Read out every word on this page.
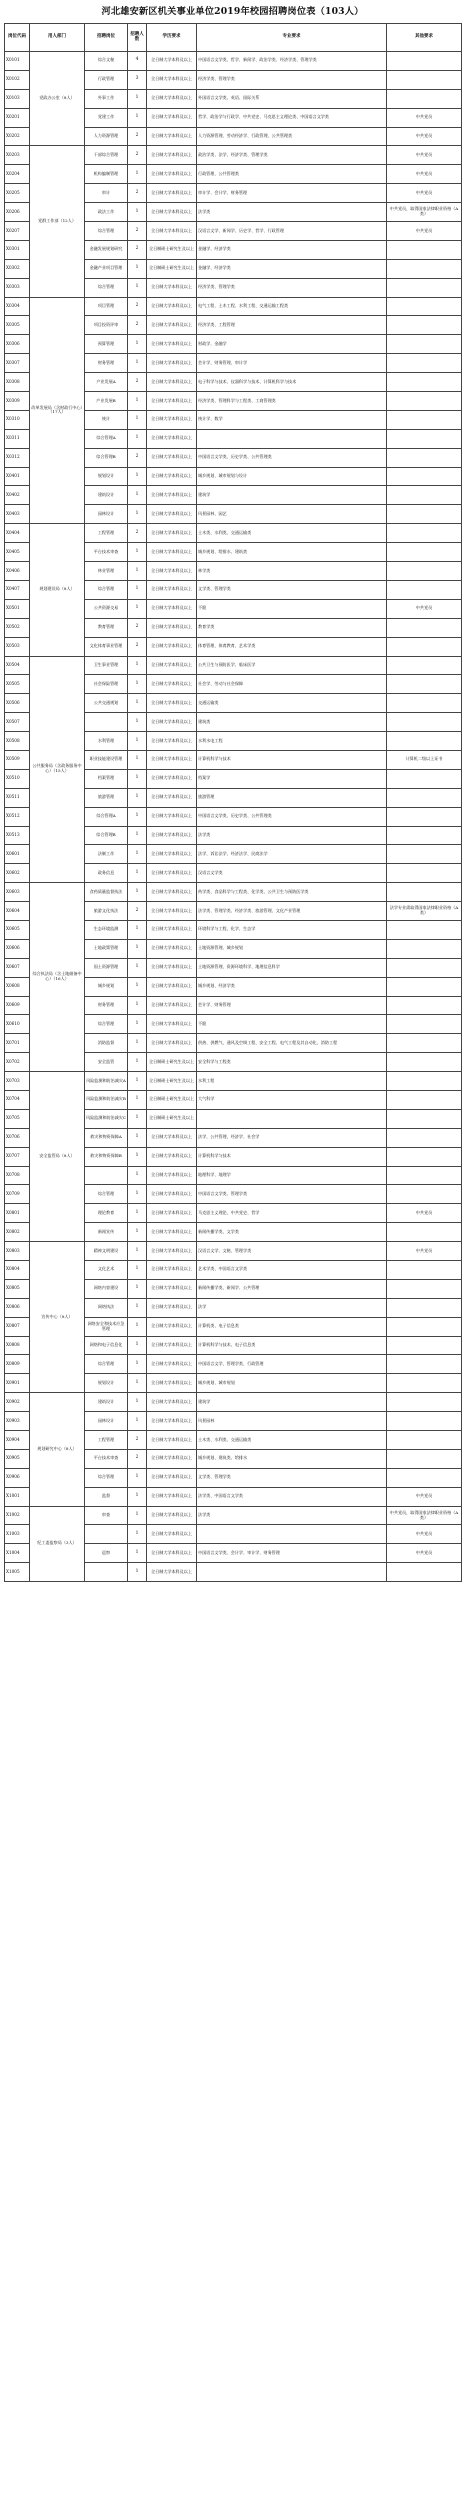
河北雄安新区机关事业单位2019年校园招聘岗位表（103人）
岗位代码	用人部门	招聘岗位	招聘人数	学历要求	专业要求	其他要求
X0101	党政办公室（8人）	综合文秘	4	全日制大学本科及以上	中国语言文学类、哲学、新闻学、政治学类、经济学类、管理学类	
X0102		行政管理	3	全日制大学本科及以上	经济学类、管理学类	
X0103		外事工作	1	全日制大学本科及以上	外国语言文学类、英语、国际关系	
X0201		党建工作	1	全日制大学本科及以上	哲学、政治学与行政学、中共党史、马克思主义理论类、中国语言文学类	中共党员
X0202		人力资源管理	2	全日制大学本科及以上	人力资源管理、劳动经济学、行政管理、公共管理类	中共党员
X0203	党群工作部（12人）	干部综合管理	2	全日制大学本科及以上	政治学类、法学、经济学类、管理学类	中共党员
X0204		机构编制管理	1	全日制大学本科及以上	行政管理、公共管理类	中共党员
X0205		审计	2	全日制大学本科及以上	审计学、会计学、财务管理	中共党员
X0206		政法工作	1	全日制大学本科及以上	法学类	中共党员，取得国家法律职业资格（A类）
X0207		综合管理	2	全日制大学本科及以上	汉语言文学、新闻学、历史学、哲学、行政管理	中共党员
X0301		金融发展规划研究	2	全日制硕士研究生及以上	金融学、经济学类	
X0302		金融产业项目管理	1	全日制硕士研究生及以上	金融学、经济学类	
X0303		综合管理	1	全日制大学本科及以上	经济学类、管理学类	
X0304	改革发展局（含财政行中心）（17人）	项目管理	2	全日制大学本科及以上	电气工程、土木工程、水利工程、交通运输工程类	
X0305		项目投资评审	2	全日制大学本科及以上	经济学类、工程管理	
X0306		预算管理	1	全日制大学本科及以上	财政学、金融学	
X0307		财务管理	1	全日制大学本科及以上	会计学、财务管理、审计学	
X0308		产业发展A	2	全日制大学本科及以上	电子科学与技术、仪器科学与技术、计算机科学与技术	
X0309		产业发展B	1	全日制大学本科及以上	经济学类、管理科学与工程类、工商管理类	
X0310		统计	1	全日制大学本科及以上	统计学、数学	
X0311		综合管理A	1	全日制大学本科及以上		
X0312		综合管理B	2	全日制大学本科及以上	中国语言文学类、历史学类、公共管理类	
X0401		规划设计	1	全日制大学本科及以上	城乡规划、城市规划与设计	
X0402		建筑设计	1	全日制大学本科及以上	建筑学	
X0403		园林设计	1	全日制大学本科及以上	风景园林、园艺	
X0404	规划建设局（8人）	工程管理	2	全日制大学本科及以上	土木类、水利类、交通运输类	
X0405		平台技术审查	1	全日制大学本科及以上	城乡规划、给排水、建筑类	
X0406		林业管理	1	全日制大学本科及以上	林学类	
X0407		综合管理	1	全日制大学本科及以上	文学类、管理学类	
X0501		公共资源交易	1	全日制大学本科及以上	不限	中共党员
X0502		教育管理	2	全日制大学本科及以上	教育学类	
X0503		文化体育事业管理	2	全日制大学本科及以上	体育管理、体育教育、艺术学类	
X0504	公共服务局（含政务服务中心）（15人）	卫生事业管理	1	全日制大学本科及以上	公共卫生与预防医学、临床医学	
X0505		社会保险管理	1	全日制大学本科及以上	社会学、劳动与社会保障	
X0506		公共交通规划	1	全日制大学本科及以上	交通运输类	
X0507			1	全日制大学本科及以上	建筑类	
X0508		水利管理	1	全日制大学本科及以上	水利水电工程	
X0509		职业技能建设管理	1	全日制大学本科及以上	计算机科学与技术	计算机二级以上证书
X0510		档案管理	1	全日制大学本科及以上	档案学	
X0511		旅游管理	1	全日制大学本科及以上	旅游管理	
X0512		综合管理A	1	全日制大学本科及以上	中国语言文学类、历史学类、公共管理类	
X0513		综合管理B	1	全日制大学本科及以上	法学类	
X0601		法制工作	1	全日制大学本科及以上	法学、诉讼法学、经济法学、民商法学	
X0602		政务信息	1	全日制大学本科及以上	汉语言文学类	
X0603	综合执法局（含土地储备中心）（16人）	食药质量监督执法	1	全日制大学本科及以上	药学类、食品科学与工程类、化学类、公共卫生与预防医学类	
X0604		旅游文化执法	2	全日制大学本科及以上	法学类、管理学类、经济学类、旅游管理、文化产业管理	法学专业需取得国家法律职业资格（A类）
X0605		生态环境监测	1	全日制大学本科及以上	环境科学与工程、化学、生态学	
X0606		土地政策管理	1	全日制大学本科及以上	土地资源管理、城乡规划	
X0607		国土资源管理	1	全日制大学本科及以上	土地资源管理、资源环境科学、地理信息科学	
X0608		城乡规划	1	全日制大学本科及以上	城乡规划、经济学类	
X0609		财务管理	1	全日制大学本科及以上	会计学、财务管理	
X0610		综合管理	1	全日制大学本科及以上	不限	
X0701		消防监督	1	全日制大学本科及以上	供热、供燃气、通风及空调工程、安全工程、电气工程及其自动化、消防工程	
X0702		安全监管	1	全日制硕士研究生及以上	安全科学与工程类	
X0703	安全监管局（8人）	风险监测和防治减灾A	1	全日制硕士研究生及以上	水利工程	
X0704		风险监测和防治减灾B	1	全日制硕士研究生及以上	大气科学	
X0705		风险监测和防治减灾C	1	全日制硕士研究生及以上		
X0706		救灾和物资保障A	1	全日制大学本科及以上	法学、公共管理、经济学、社会学	
X0707		救灾和物资保障B	1	全日制大学本科及以上	计算机科学与技术	
X0708			1	全日制大学本科及以上	地理科学、地理学	
X0709		综合管理	1	全日制大学本科及以上	中国语言文学类、管理学类	
X0801		理论教育	1	全日制大学本科及以上	马克思主义理论、中共党史、哲学	中共党员
X0802		新闻宣传	1	全日制大学本科及以上	新闻传播学类、文学类	
X0803	宣传中心（8人）	精神文明建设	1	全日制大学本科及以上	汉语言文学、文秘、管理学类	中共党员
X0804		文化艺术	1	全日制大学本科及以上	艺术学类、中国语言文学类	
X0805		网络内容建设	1	全日制大学本科及以上	新闻传播学类、新闻学、公共管理	
X0806		网络执法	1	全日制大学本科及以上	法学	
X0807		网络安全和技术应急管理	1	全日制大学本科及以上	计算机类、电子信息类	
X0808		网络和电子信息化	1	全日制大学本科及以上	计算机科学与技术、电子信息类	
X0809		综合管理	1	全日制大学本科及以上	中国语言文学、管理学类、行政管理	
X0901		规划设计	1	全日制大学本科及以上	城乡规划、城市规划	
X0902	规划研究中心（8人）	建筑设计	1	全日制大学本科及以上	建筑学	
X0903		园林设计	1	全日制大学本科及以上	风景园林	
X0904		工程管理	2	全日制大学本科及以上	土木类、水利类、交通运输类	
X0905		平台技术审查	2	全日制大学本科及以上	城乡规划、建筑类、给排水	
X0906		综合管理	1	全日制大学本科及以上	文学类、管理学类	
X1001		监督	1	全日制大学本科及以上	法学类、中国语言文学类	中共党员
X1002	纪工委监察局（3人）	审查	1	全日制大学本科及以上	法学类	中共党员，取得国家法律职业资格（A类）
X1003			1	全日制大学本科及以上		中共党员
X1004		巡察	1	全日制大学本科及以上	中国语言文学类、会计学、审计学、财务管理	中共党员
X1005			1	全日制大学本科及以上		
